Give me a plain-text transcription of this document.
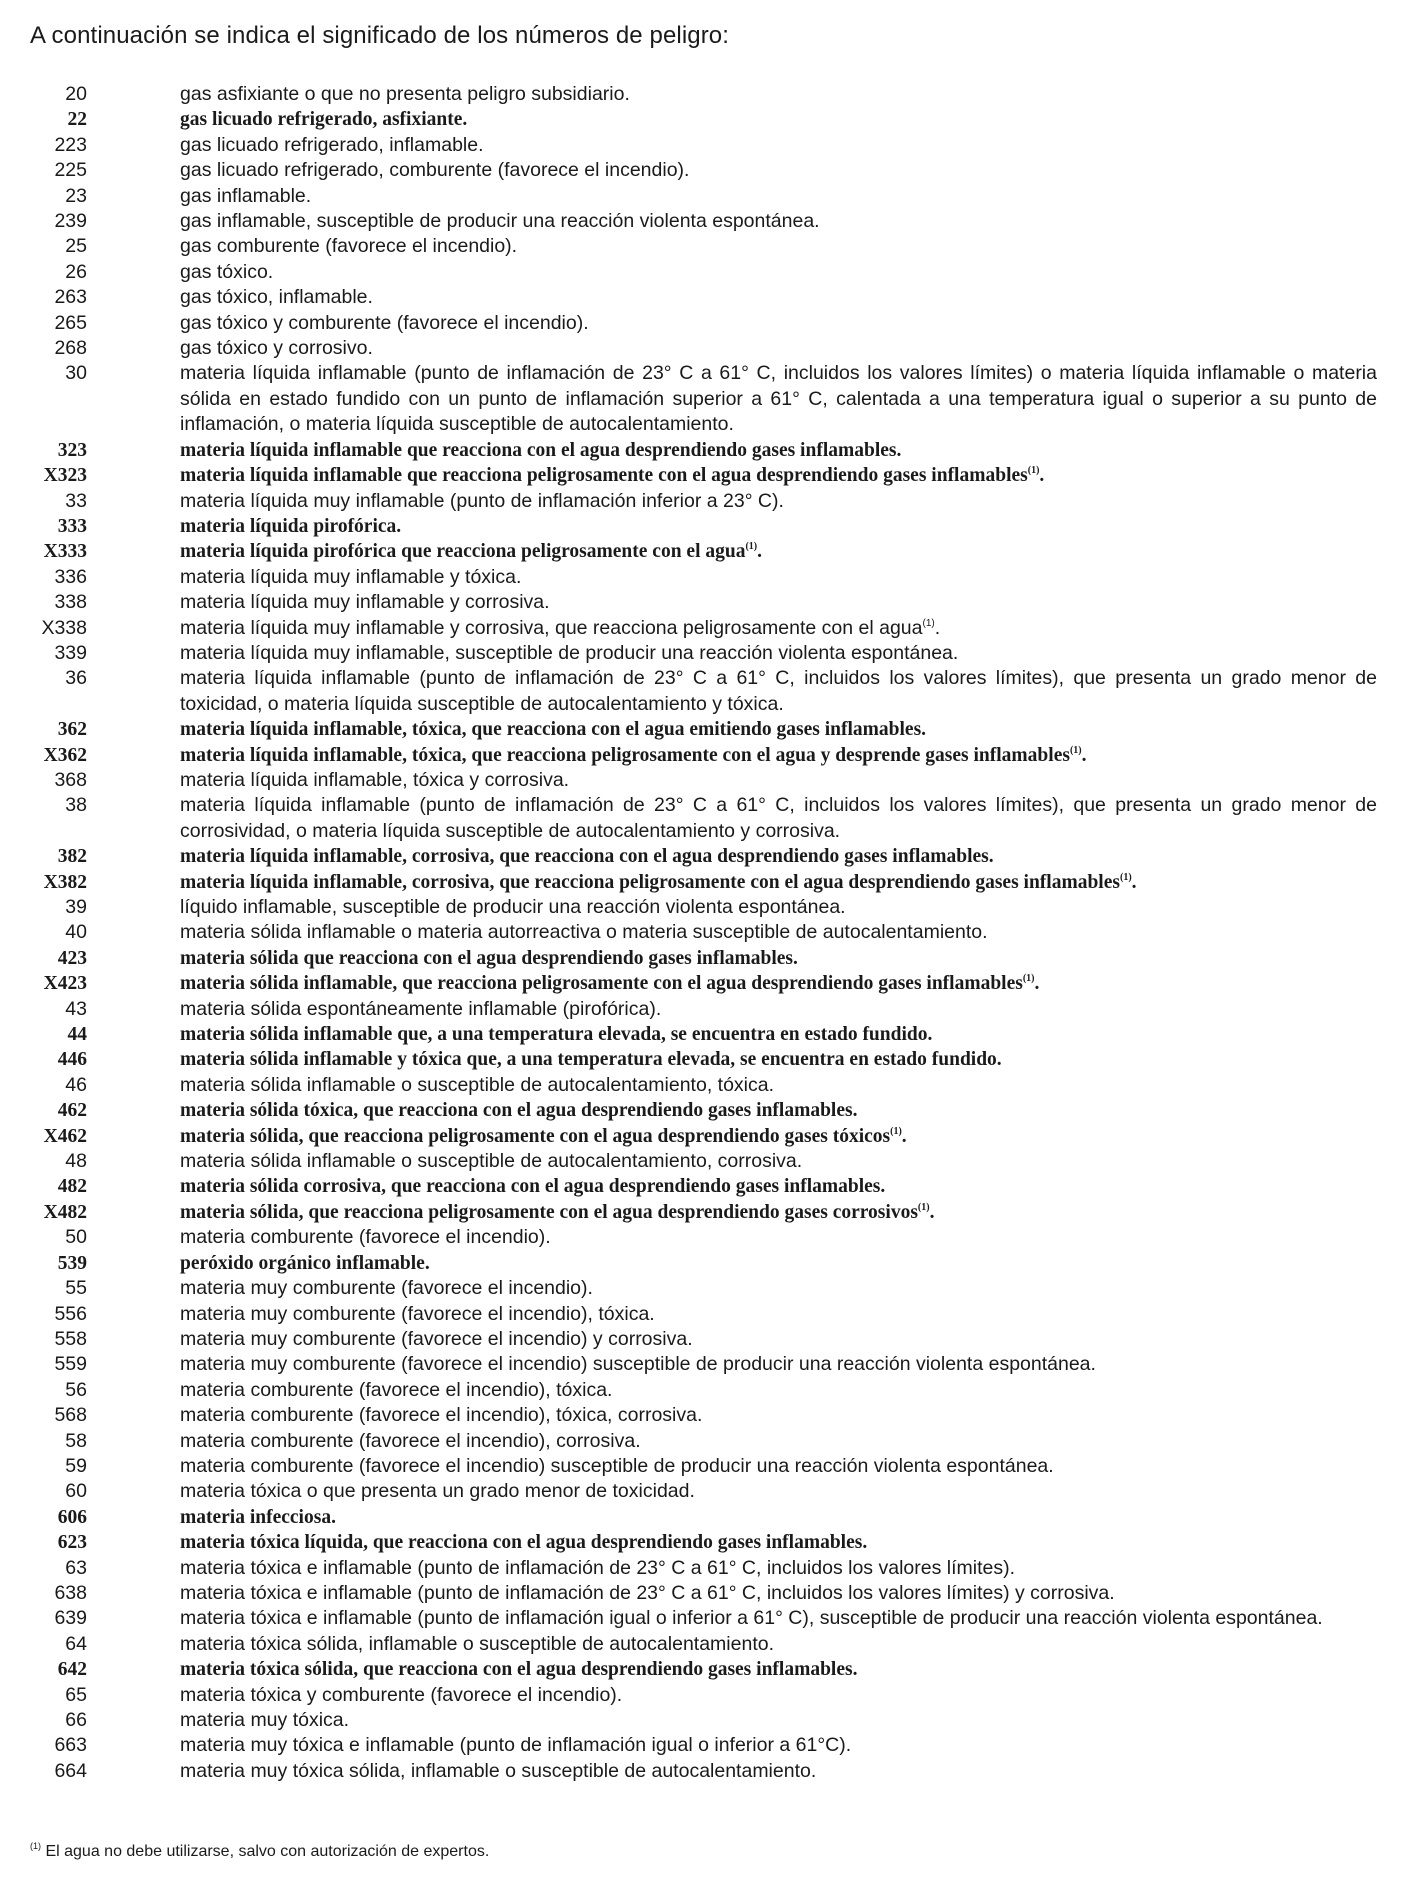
A continuación se indica el significado de los números de peligro:
20	gas asfixiante o que no presenta peligro subsidiario.
22	gas licuado refrigerado, asfixiante.
223	gas licuado refrigerado, inflamable.
225	gas licuado refrigerado, comburente (favorece el incendio).
23	gas inflamable.
239	gas inflamable, susceptible de producir una reacción violenta espontánea.
25	gas comburente (favorece el incendio).
26	gas tóxico.
263	gas tóxico, inflamable.
265	gas tóxico y comburente (favorece el incendio).
268	gas tóxico y corrosivo.
30	materia líquida inflamable (punto de inflamación de 23° C a 61° C, incluidos los valores límites) o materia líquida inflamable o materia sólida en estado fundido con un punto de inflamación superior a 61° C, calentada a una temperatura igual o superior a su punto de inflamación, o materia líquida susceptible de autocalentamiento.
323	materia líquida inflamable que reacciona con el agua desprendiendo gases inflamables.
X323	materia líquida inflamable que reacciona peligrosamente con el agua desprendiendo gases inflamables$^{(1)}$.
33	materia líquida muy inflamable (punto de inflamación inferior a 23° C).
333	materia líquida pirofórica.
X333	materia líquida pirofórica que reacciona peligrosamente con el agua$^{(1)}$.
336	materia líquida muy inflamable y tóxica.
338	materia líquida muy inflamable y corrosiva.
X338	materia líquida muy inflamable y corrosiva, que reacciona peligrosamente con el agua$^{(1)}$.
339	materia líquida muy inflamable, susceptible de producir una reacción violenta espontánea.
36	materia líquida inflamable (punto de inflamación de 23° C a 61° C, incluidos los valores límites), que presenta un grado menor de toxicidad, o materia líquida susceptible de autocalentamiento y tóxica.
362	materia líquida inflamable, tóxica, que reacciona con el agua emitiendo gases inflamables.
X362	materia líquida inflamable, tóxica, que reacciona peligrosamente con el agua y desprende gases inflamables$^{(1)}$.
368	materia líquida inflamable, tóxica y corrosiva.
38	materia líquida inflamable (punto de inflamación de 23° C a 61° C, incluidos los valores límites), que presenta un grado menor de corrosividad, o materia líquida susceptible de autocalentamiento y corrosiva.
382	materia líquida inflamable, corrosiva, que reacciona con el agua desprendiendo gases inflamables.
X382	materia líquida inflamable, corrosiva, que reacciona peligrosamente con el agua desprendiendo gases inflamables$^{(1)}$.
39	líquido inflamable, susceptible de producir una reacción violenta espontánea.
40	materia sólida inflamable o materia autorreactiva o materia susceptible de autocalentamiento.
423	materia sólida que reacciona con el agua desprendiendo gases inflamables.
X423	materia sólida inflamable, que reacciona peligrosamente con el agua desprendiendo gases inflamables$^{(1)}$.
43	materia sólida espontáneamente inflamable (pirofórica).
44	materia sólida inflamable que, a una temperatura elevada, se encuentra en estado fundido.
446	materia sólida inflamable y tóxica que, a una temperatura elevada, se encuentra en estado fundido.
46	materia sólida inflamable o susceptible de autocalentamiento, tóxica.
462	materia sólida tóxica, que reacciona con el agua desprendiendo gases inflamables.
X462	materia sólida, que reacciona peligrosamente con el agua desprendiendo gases tóxicos$^{(1)}$.
48	materia sólida inflamable o susceptible de autocalentamiento, corrosiva.
482	materia sólida corrosiva, que reacciona con el agua desprendiendo gases inflamables.
X482	materia sólida, que reacciona peligrosamente con el agua desprendiendo gases corrosivos$^{(1)}$.
50	materia comburente (favorece el incendio).
539	peróxido orgánico inflamable.
55	materia muy comburente (favorece el incendio).
556	materia muy comburente (favorece el incendio), tóxica.
558	materia muy comburente (favorece el incendio) y corrosiva.
559	materia muy comburente (favorece el incendio) susceptible de producir una reacción violenta espontánea.
56	materia comburente (favorece el incendio), tóxica.
568	materia comburente (favorece el incendio), tóxica, corrosiva.
58	materia comburente (favorece el incendio), corrosiva.
59	materia comburente (favorece el incendio) susceptible de producir una reacción violenta espontánea.
60	materia tóxica o que presenta un grado menor de toxicidad.
606	materia infecciosa.
623	materia tóxica líquida, que reacciona con el agua desprendiendo gases inflamables.
63	materia tóxica e inflamable (punto de inflamación de 23° C a 61° C, incluidos los valores límites).
638	materia tóxica e inflamable (punto de inflamación de 23° C a 61° C, incluidos los valores límites) y corrosiva.
639	materia tóxica e inflamable (punto de inflamación igual o inferior a 61° C), susceptible de producir una reacción violenta espontánea.
64	materia tóxica sólida, inflamable o susceptible de autocalentamiento.
642	materia tóxica sólida, que reacciona con el agua desprendiendo gases inflamables.
65	materia tóxica y comburente (favorece el incendio).
66	materia muy tóxica.
663	materia muy tóxica e inflamable (punto de inflamación igual o inferior a 61°C).
664	materia muy tóxica sólida, inflamable o susceptible de autocalentamiento.
$^{(1)}$ El agua no debe utilizarse, salvo con autorización de expertos.
